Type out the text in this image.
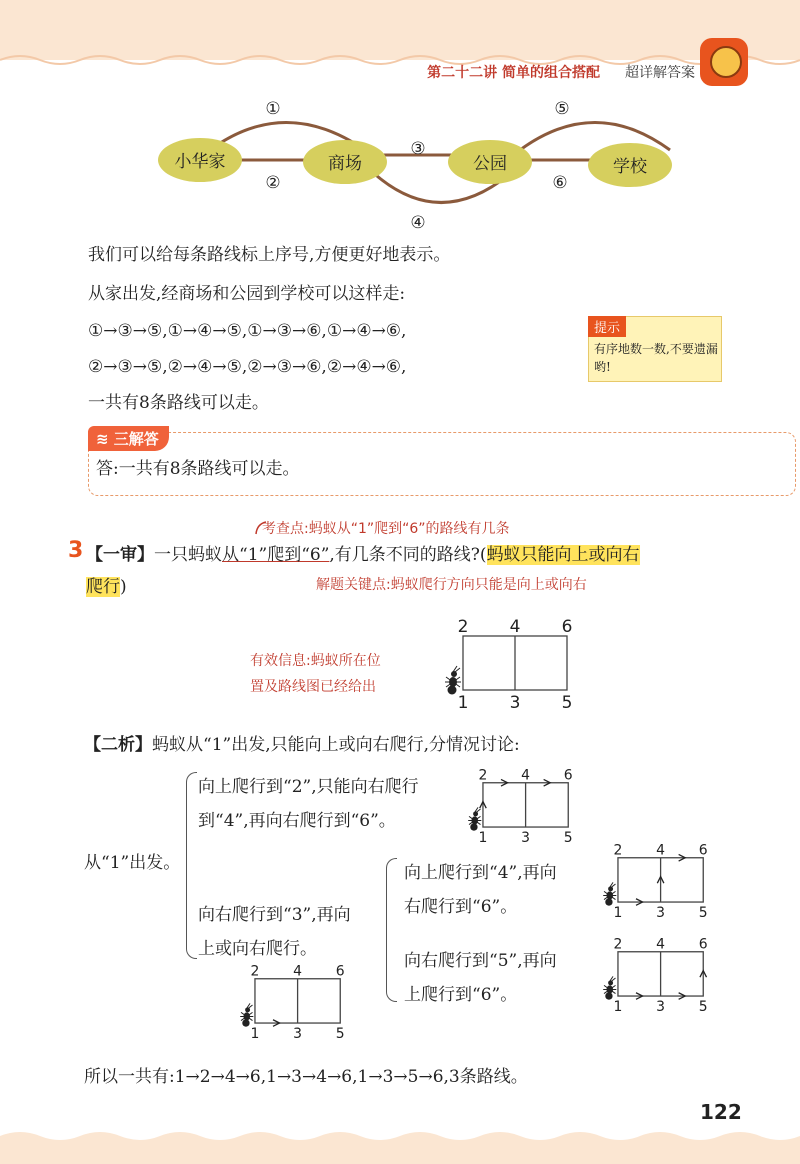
第二十二讲 简单的组合搭配 超详解答案
小华家	商场	公园	学校
①
②
③
④
⑤
⑥
我们可以给每条路线标上序号,方便更好地表示。
从家出发,经商场和公园到学校可以这样走:
①→③→⑤,①→④→⑤,①→③→⑥,①→④→⑥,
②→③→⑤,②→④→⑤,②→③→⑥,②→④→⑥,
一共有8条路线可以走。
提示
有序地数一数,不要遗漏哟!
≋ 三解答
答:一共有8条路线可以走。
考查点:蚂蚁从“1”爬到“6”的路线有几条
3 【一审】一只蚂蚁从“1”爬到“6”,有几条不同的路线?(蚂蚁只能向上或向右
爬行)	解题关键点:蚂蚁爬行方向只能是向上或向右
有效信息:蚂蚁所在位
置及路线图已经给出
2 4 6
1 3 5
【二析】蚂蚁从“1”出发,只能向上或向右爬行,分情况讨论:
从“1”出发。
向上爬行到“2”,只能向右爬行
到“4”,再向右爬行到“6”。
2 4 6
1 3 5
向右爬行到“3”,再向
上或向右爬行。
2 4 6
1 3 5
向上爬行到“4”,再向
右爬行到“6”。
2 4 6
1 3 5
向右爬行到“5”,再向
上爬行到“6”。
2 4 6
1 3 5
所以一共有:1→2→4→6,1→3→4→6,1→3→5→6,3条路线。
122
